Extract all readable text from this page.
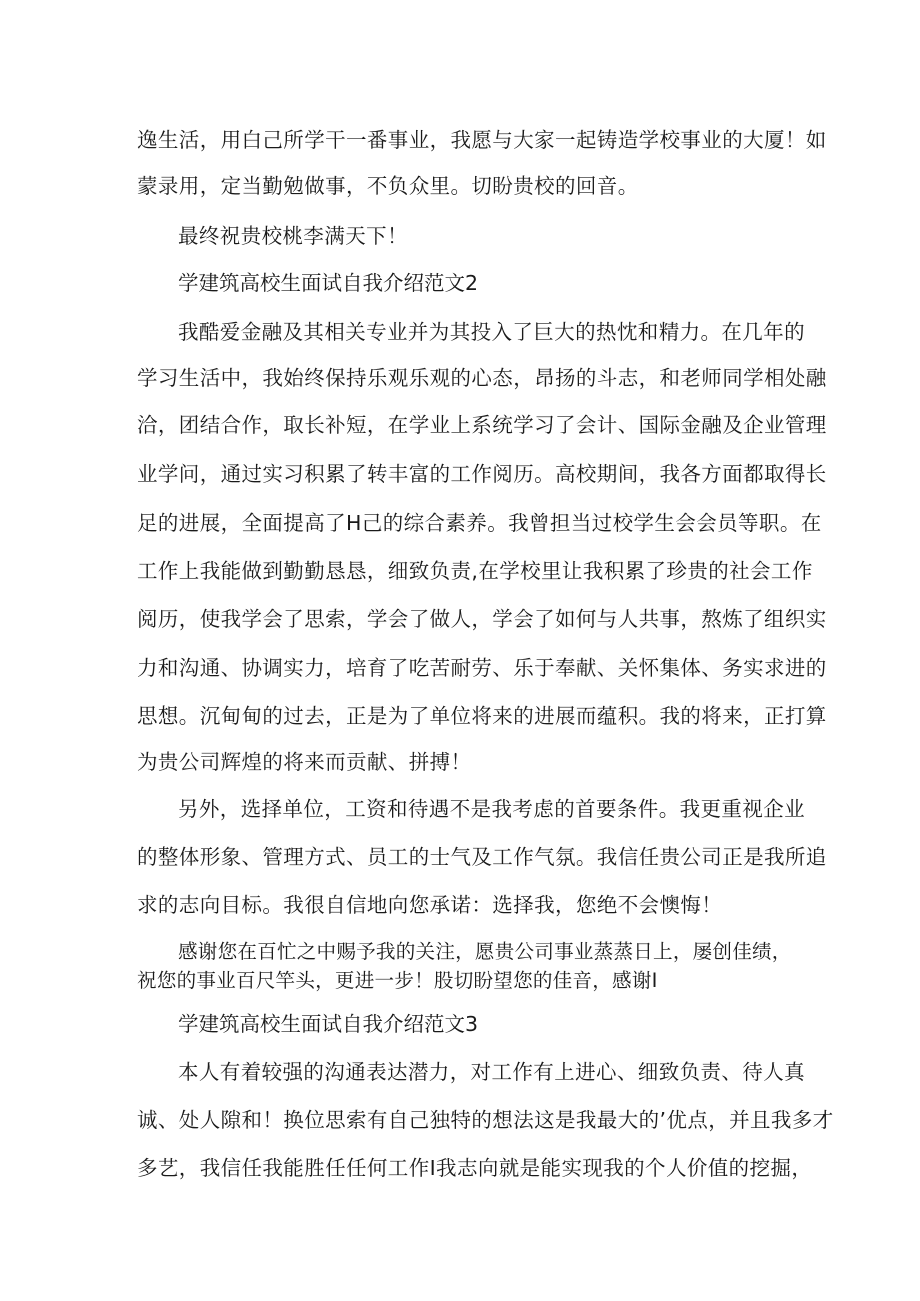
逸生活，用白己所学干一番事业，我愿与大家一起铸造学校事业的大厦！如

蒙录用，定当勤勉做事，不负众里。切盼贵校的回音。

最终祝贵校桃李满天下！

学建筑高校生面试自我介绍范文2

我酷爱金融及其相关专业并为其投入了巨大的热忱和精力。在几年的

学习生活中，我始终保持乐观乐观的心态，昂扬的斗志，和老师同学相处融

洽，团结合作，取长补短，在学业上系统学习了会计、国际金融及企业管理

业学问，通过实习积累了转丰富的工作阅历。高校期间，我各方面都取得长

足的进展，全面提高了H己的综合素养。我曾担当过校学生会会员等职。在

工作上我能做到勤勤恳恳，细致负责,在学校里让我积累了珍贵的社会工作

阅历，使我学会了思索，学会了做人，学会了如何与人共事，熬炼了组织实

力和沟通、协调实力，培育了吃苦耐劳、乐于奉献、关怀集体、务实求进的

思想。沉甸甸的过去，正是为了单位将来的进展而蕴积。我的将来，正打算

为贵公司辉煌的将来而贡献、拼搏！

另外，选择单位，工资和待遇不是我考虑的首要条件。我更重视企业

的整体形象、管理方式、员工的士气及工作气氛。我信任贵公司正是我所追

求的志向目标。我很自信地向您承诺：选择我，您绝不会懊悔！

感谢您在百忙之中赐予我的关注，愿贵公司事业蒸蒸日上，屡创佳绩，

祝您的事业百尺竿头，更进一步！股切盼望您的佳音，感谢I

学建筑高校生面试自我介绍范文3

本人有着较强的沟通表达潜力，对工作有上进心、细致负责、待人真

诚、处人隙和！换位思索有自己独特的想法这是我最大的’优点，并且我多才

多艺，我信任我能胜任任何工作I我志向就是能实现我的个人价值的挖掘，
